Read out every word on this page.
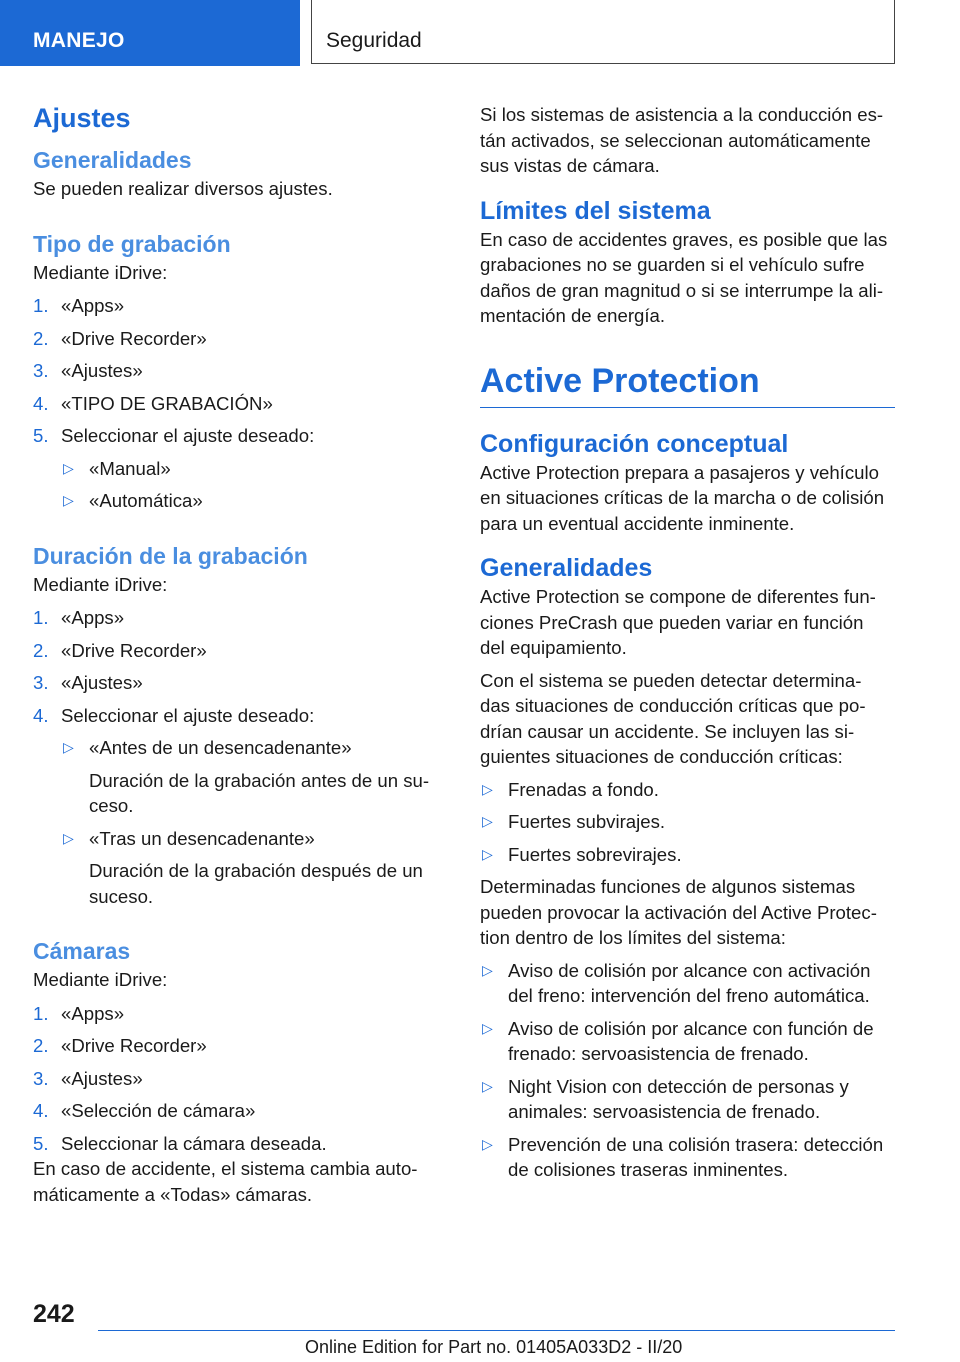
MANEJO	Seguridad
Ajustes
Generalidades

Se pueden realizar diversos ajustes.

Tipo de grabación

Mediante iDrive:

1. «Apps»
2. «Drive Recorder»
3. «Ajustes»
4. «TIPO DE GRABACIÓN»
5. Seleccionar el ajuste deseado:
▷ «Manual»
▷ «Automática»
Duración de la grabación

Mediante iDrive:

1. «Apps»
2. «Drive Recorder»
3. «Ajustes»
4. Seleccionar el ajuste deseado:
▷ «Antes de un desencadenante»

Duración de la grabación antes de un su-

ceso.

▷ «Tras un desencadenante»

Duración de la grabación después de un

suceso.

Cámaras

Mediante iDrive:

1. «Apps»
2. «Drive Recorder»
3. «Ajustes»
4. «Selección de cámara»
5. Seleccionar la cámara deseada.

En caso de accidente, el sistema cambia auto-

máticamente a «Todas» cámaras.

Si los sistemas de asistencia a la conducción es-

tán activados, se seleccionan automáticamente

sus vistas de cámara.

Límites del sistema

En caso de accidentes graves, es posible que las

grabaciones no se guarden si el vehículo sufre

daños de gran magnitud o si se interrumpe la ali-

mentación de energía.

Active Protection
Configuración conceptual

Active Protection prepara a pasajeros y vehículo

en situaciones críticas de la marcha o de colisión

para un eventual accidente inminente.

Generalidades

Active Protection se compone de diferentes fun-

ciones PreCrash que pueden variar en función

del equipamiento.

Con el sistema se pueden detectar determina-

das situaciones de conducción críticas que po-

drían causar un accidente. Se incluyen las si-

guientes situaciones de conducción críticas:

▷ Frenadas a fondo.
▷ Fuertes subvirajes.
▷ Fuertes sobrevirajes.

Determinadas funciones de algunos sistemas

pueden provocar la activación del Active Protec-

tion dentro de los límites del sistema:

▷ Aviso de colisión por alcance con activación
del freno: intervención del freno automática.
▷ Aviso de colisión por alcance con función de
frenado: servoasistencia de frenado.
▷ Night Vision con detección de personas y
animales: servoasistencia de frenado.
▷ Prevención de una colisión trasera: detección
de colisiones traseras inminentes.
242
Online Edition for Part no. 01405A033D2 - II/20
